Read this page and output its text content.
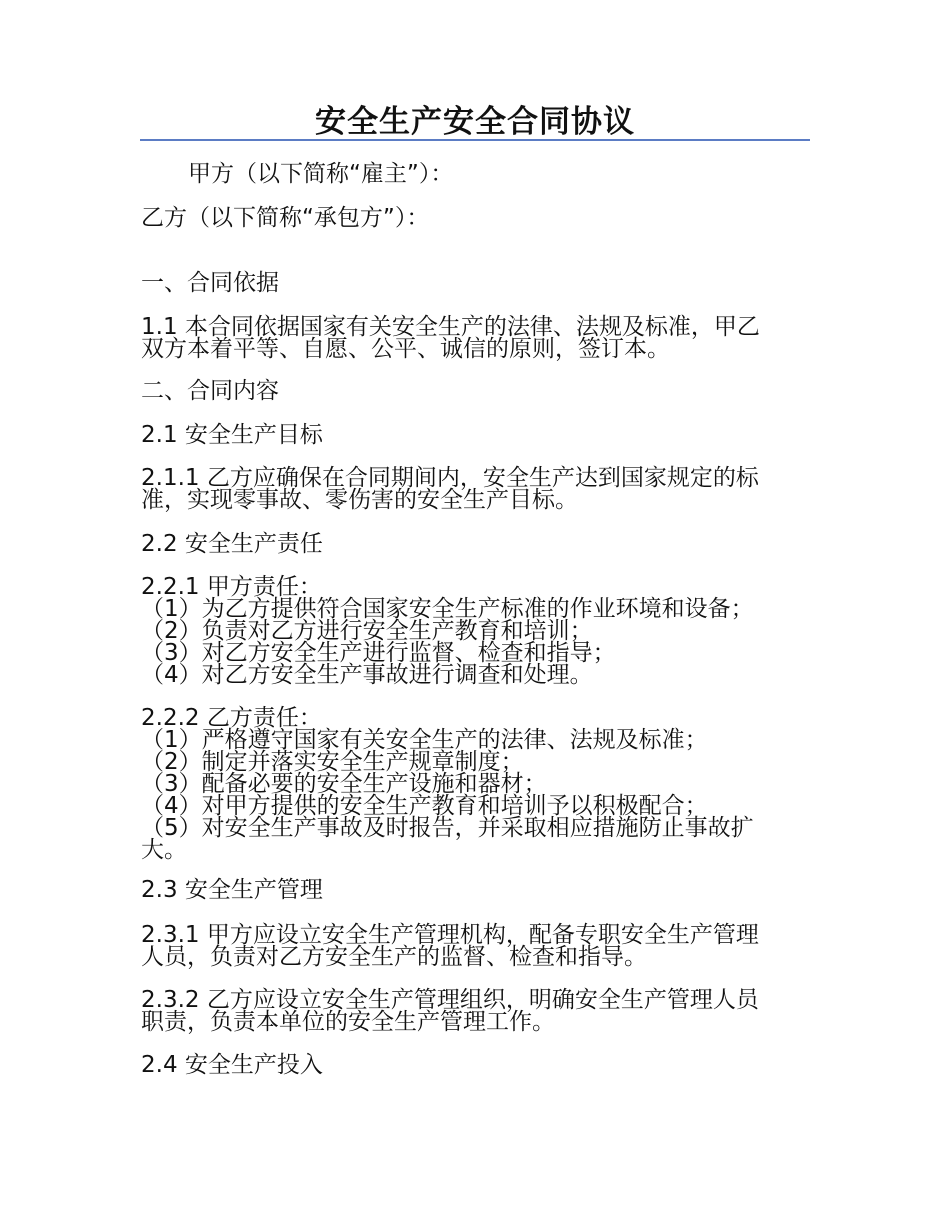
安全生产安全合同协议
甲方（以下简称“雇主”）：
乙方（以下简称“承包方”）：
一、合同依据
1.1 本合同依据国家有关安全生产的法律、法规及标准，甲乙
双方本着平等、自愿、公平、诚信的原则，签订本。
二、合同内容
2.1 安全生产目标
2.1.1 乙方应确保在合同期间内，安全生产达到国家规定的标
准，实现零事故、零伤害的安全生产目标。
2.2 安全生产责任
2.2.1 甲方责任：
（1）为乙方提供符合国家安全生产标准的作业环境和设备；
（2）负责对乙方进行安全生产教育和培训；
（3）对乙方安全生产进行监督、检查和指导；
（4）对乙方安全生产事故进行调查和处理。
2.2.2 乙方责任：
（1）严格遵守国家有关安全生产的法律、法规及标准；
（2）制定并落实安全生产规章制度；
（3）配备必要的安全生产设施和器材；
（4）对甲方提供的安全生产教育和培训予以积极配合；
（5）对安全生产事故及时报告，并采取相应措施防止事故扩
大。
2.3 安全生产管理
2.3.1 甲方应设立安全生产管理机构，配备专职安全生产管理
人员，负责对乙方安全生产的监督、检查和指导。
2.3.2 乙方应设立安全生产管理组织，明确安全生产管理人员
职责，负责本单位的安全生产管理工作。
2.4 安全生产投入
